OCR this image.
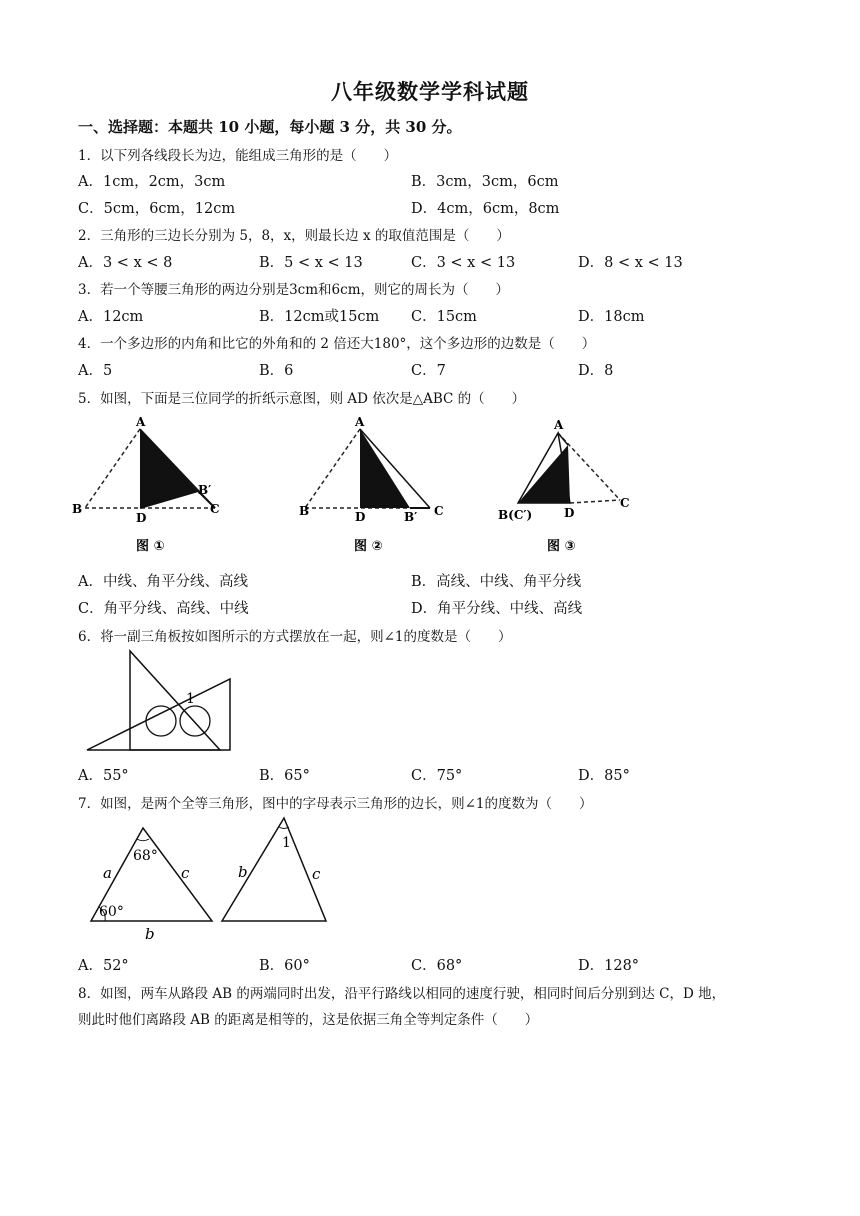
八年级数学学科试题
一、选择题：本题共 10 小题，每小题 3 分，共 30 分。
1．以下列各线段长为边，能组成三角形的是（　　）
A．1cm，2cm，3cm	B．3cm，3cm，6cm
C．5cm，6cm，12cm	D．4cm，6cm，8cm
2．三角形的三边长分别为 5，8，x，则最长边 x 的取值范围是（　　）
A．3 < x < 8	B．5 < x < 13	C．3 < x < 13	D．8 < x < 13
3．若一个等腰三角形的两边分别是3cm和6cm，则它的周长为（　　）
A．12cm	B．12cm或15cm C．15cm	D．18cm
4．一个多边形的内角和比它的外角和的 2 倍还大180°，这个多边形的边数是（　　）
A．5	B．6	C．7	D．8
5．如图，下面是三位同学的折纸示意图，则 AD 依次是△ABC 的（　　）
A
B
D
C
B′
图 ①
A
B	D	B′ C
图 ②
A
B(C′)	D
C
图 ③
A．中线、角平分线、高线	B．高线、中线、角平分线
C．角平分线、高线、中线	D．角平分线、中线、高线
6．将一副三角板按如图所示的方式摆放在一起，则∠1的度数是（　　）
1
A．55°	B．65°	C．75°	D．85°
7．如图，是两个全等三角形，图中的字母表示三角形的边长，则∠1的度数为（　　）
68°
60°
a	c
b
1
b	c
A．52°	B．60°	C．68°	D．128°
8．如图，两车从路段 AB 的两端同时出发，沿平行路线以相同的速度行驶，相同时间后分别到达 C，D 地，
则此时他们离路段 AB 的距离是相等的，这是依据三角全等判定条件（　　）
